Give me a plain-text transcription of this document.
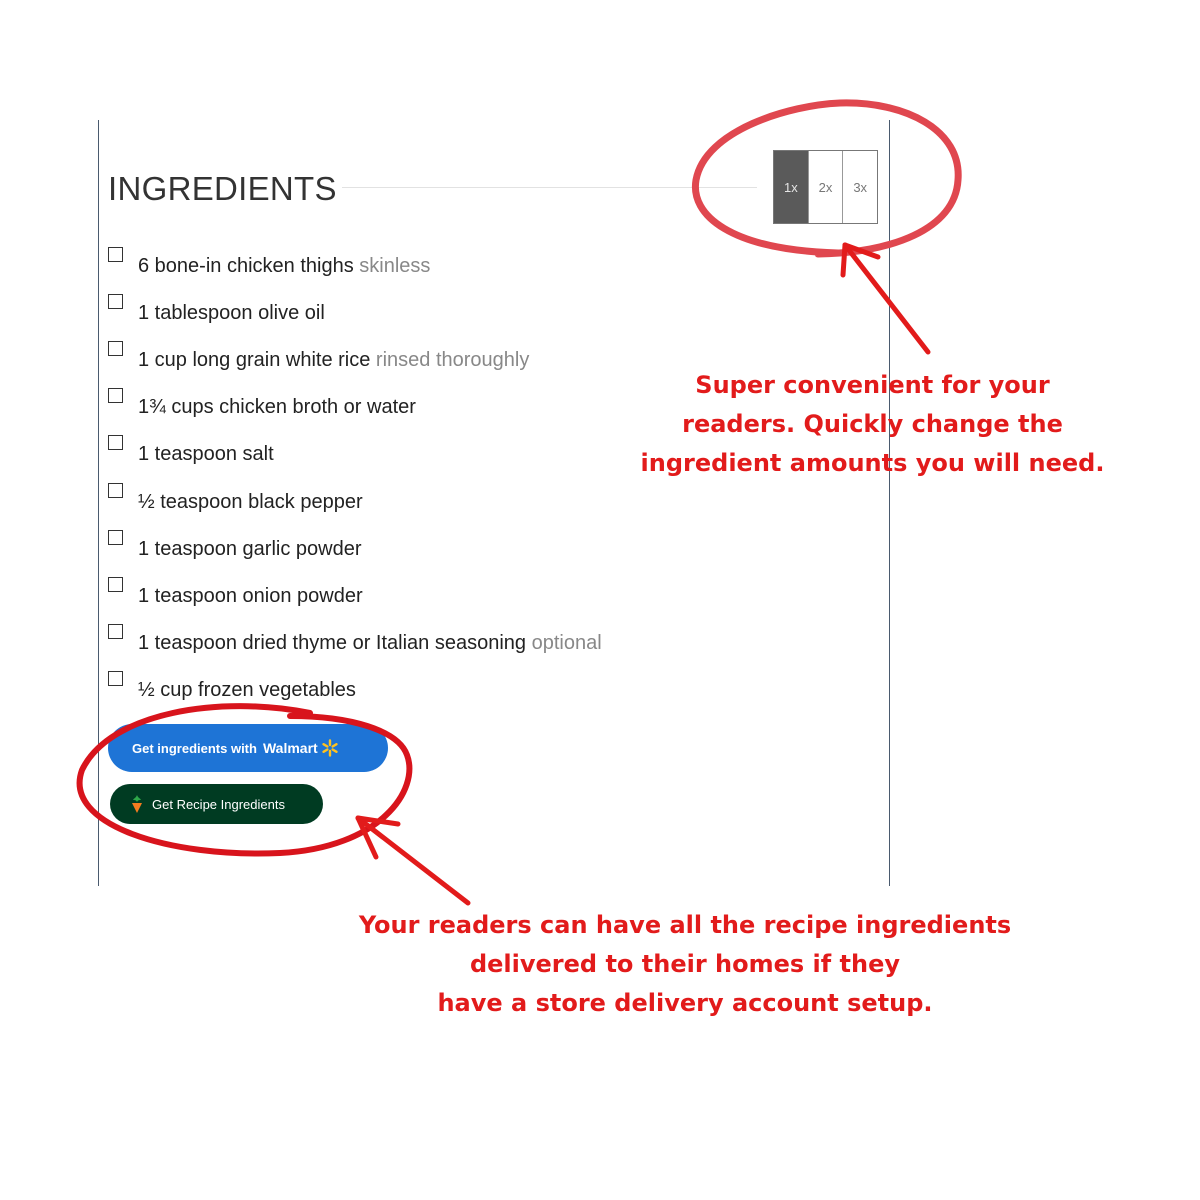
INGREDIENTS	1x	2x	3x
6 bone-in chicken thighs skinless
1 tablespoon olive oil
1 cup long grain white rice rinsed thoroughly
1¾ cups chicken broth or water
1 teaspoon salt
½ teaspoon black pepper
1 teaspoon garlic powder
1 teaspoon onion powder
1 teaspoon dried thyme or Italian seasoning optional
½ cup frozen vegetables
Get ingredients with Walmart
Get Recipe Ingredients
Super convenient for your
readers. Quickly change the
ingredient amounts you will need.
Your readers can have all the recipe ingredients
delivered to their homes if they
have a store delivery account setup.
